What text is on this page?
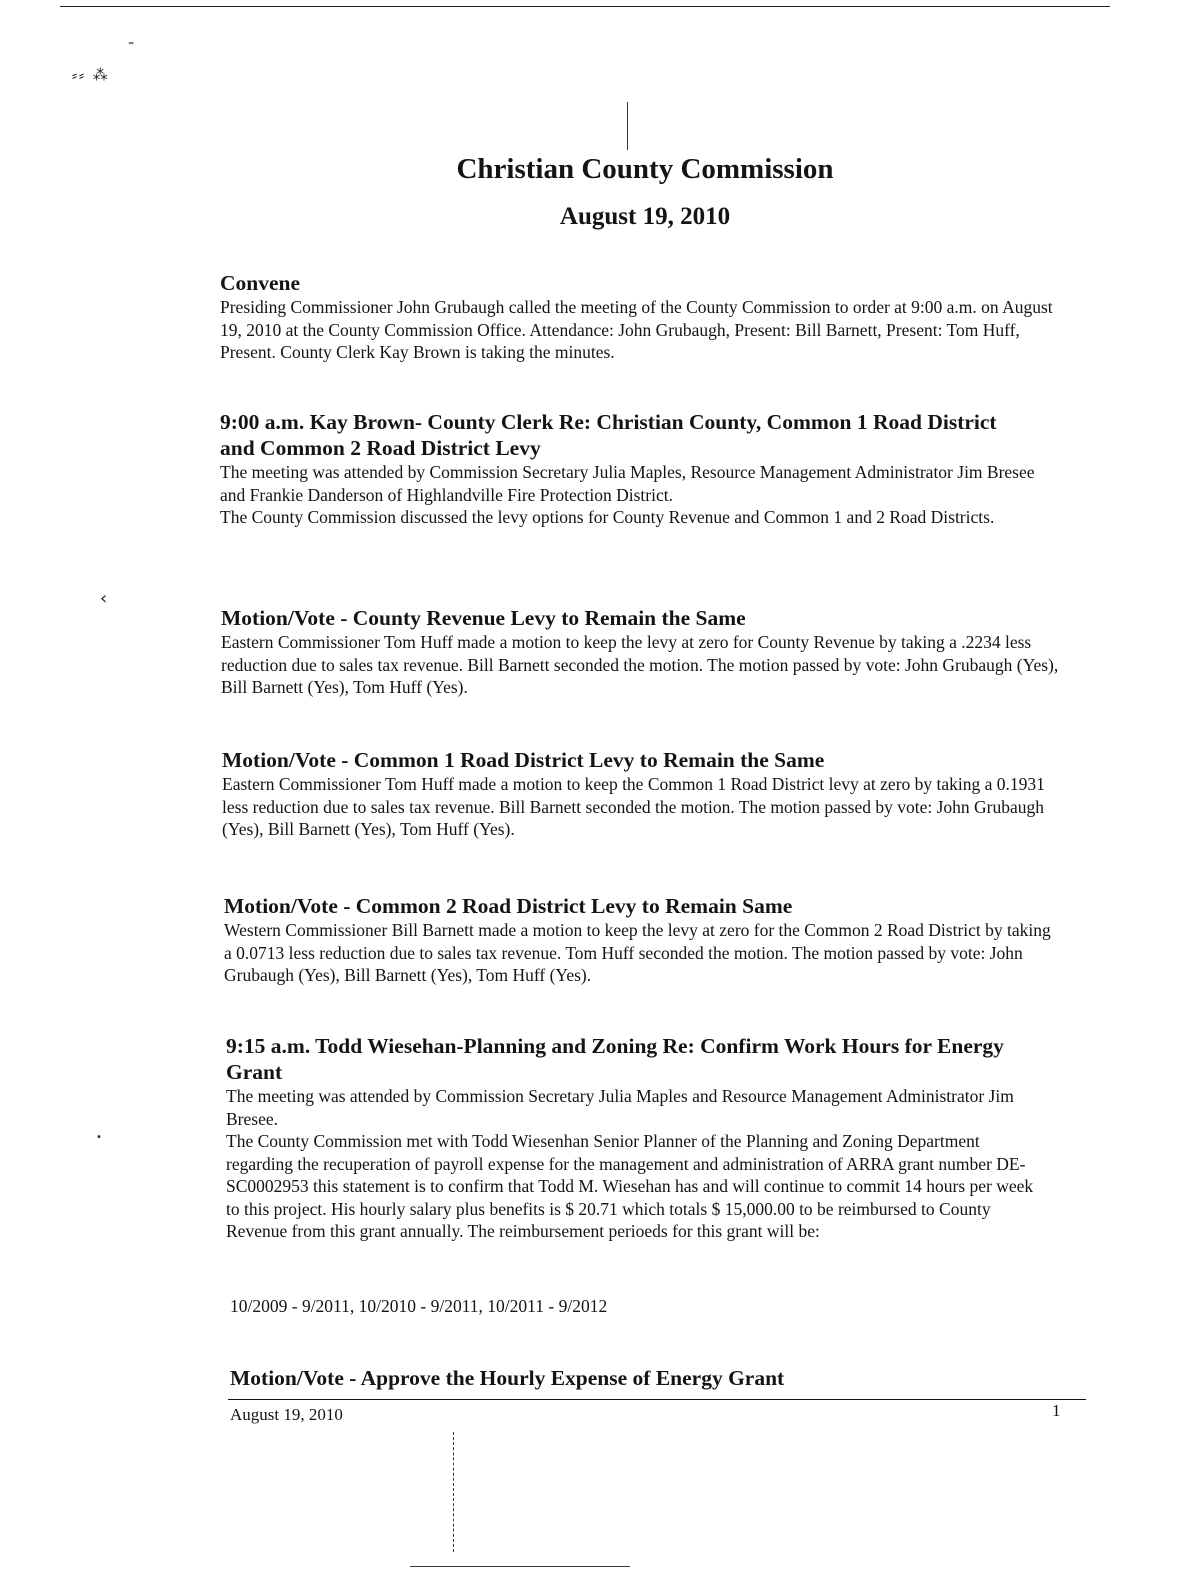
⁼
⸗⸗ ⁂
‹
•
Christian County Commission
August 19, 2010
Convene

Presiding Commissioner John Grubaugh called the meeting of the County Commission to order at 9:00 a.m. on August 19, 2010 at the County Commission Office. Attendance: John Grubaugh, Present: Bill Barnett, Present: Tom Huff, Present. County Clerk Kay Brown is taking the minutes.

9:00 a.m. Kay Brown- County Clerk Re: Christian County, Common 1 Road District and Common 2 Road District Levy

The meeting was attended by Commission Secretary Julia Maples, Resource Management Administrator Jim Bresee and Frankie Danderson of Highlandville Fire Protection District.

The County Commission discussed the levy options for County Revenue and Common 1 and 2 Road Districts.

Motion/Vote - County Revenue Levy to Remain the Same

Eastern Commissioner Tom Huff made a motion to keep the levy at zero for County Revenue by taking a .2234 less reduction due to sales tax revenue. Bill Barnett seconded the motion. The motion passed by vote: John Grubaugh (Yes), Bill Barnett (Yes), Tom Huff (Yes).

Motion/Vote - Common 1 Road District Levy to Remain the Same

Eastern Commissioner Tom Huff made a motion to keep the Common 1 Road District levy at zero by taking a 0.1931 less reduction due to sales tax revenue. Bill Barnett seconded the motion. The motion passed by vote: John Grubaugh (Yes), Bill Barnett (Yes), Tom Huff (Yes).

Motion/Vote - Common 2 Road District Levy to Remain Same

Western Commissioner Bill Barnett made a motion to keep the levy at zero for the Common 2 Road District by taking a 0.0713 less reduction due to sales tax revenue. Tom Huff seconded the motion. The motion passed by vote: John Grubaugh (Yes), Bill Barnett (Yes), Tom Huff (Yes).

9:15 a.m. Todd Wiesehan-Planning and Zoning Re: Confirm Work Hours for Energy Grant

The meeting was attended by Commission Secretary Julia Maples and Resource Management Administrator Jim Bresee.

The County Commission met with Todd Wiesenhan Senior Planner of the Planning and Zoning Department regarding the recuperation of payroll expense for the management and administration of ARRA grant number DE-SC0002953 this statement is to confirm that Todd M. Wiesehan has and will continue to commit 14 hours per week to this project. His hourly salary plus benefits is $ 20.71 which totals $ 15,000.00 to be reimbursed to County Revenue from this grant annually. The reimbursement perioeds for this grant will be:

10/2009 - 9/2011, 10/2010 - 9/2011, 10/2011 - 9/2012
Motion/Vote - Approve the Hourly Expense of Energy Grant
August 19, 2010	1
